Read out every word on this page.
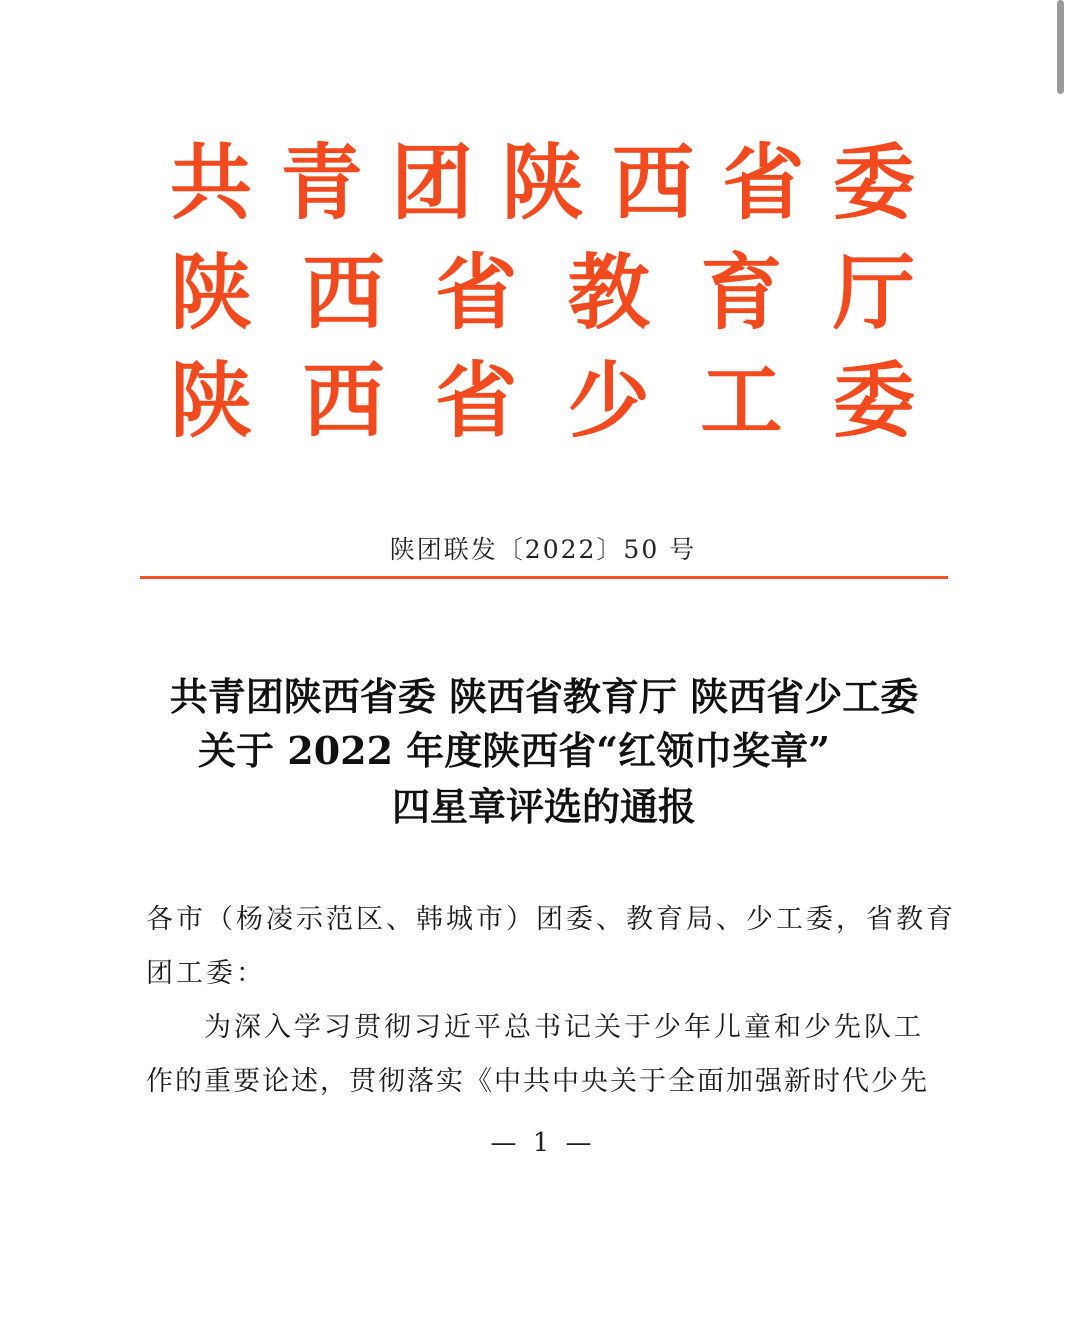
共 青 团 陕 西 省 委
陕 西 省 教 育 厅
陕 西 省 少 工 委
陕团联发〔2022〕50 号
共青团陕西省委 陕西省教育厅 陕西省少工委
关于 2022 年度陕西省“红领巾奖章”
四星章评选的通报
各市（杨凌示范区、韩城市）团委、教育局、少工委，省教育
团工委：
为深入学习贯彻习近平总书记关于少年儿童和少先队工
作的重要论述，贯彻落实《中共中央关于全面加强新时代少先
— 1 —
